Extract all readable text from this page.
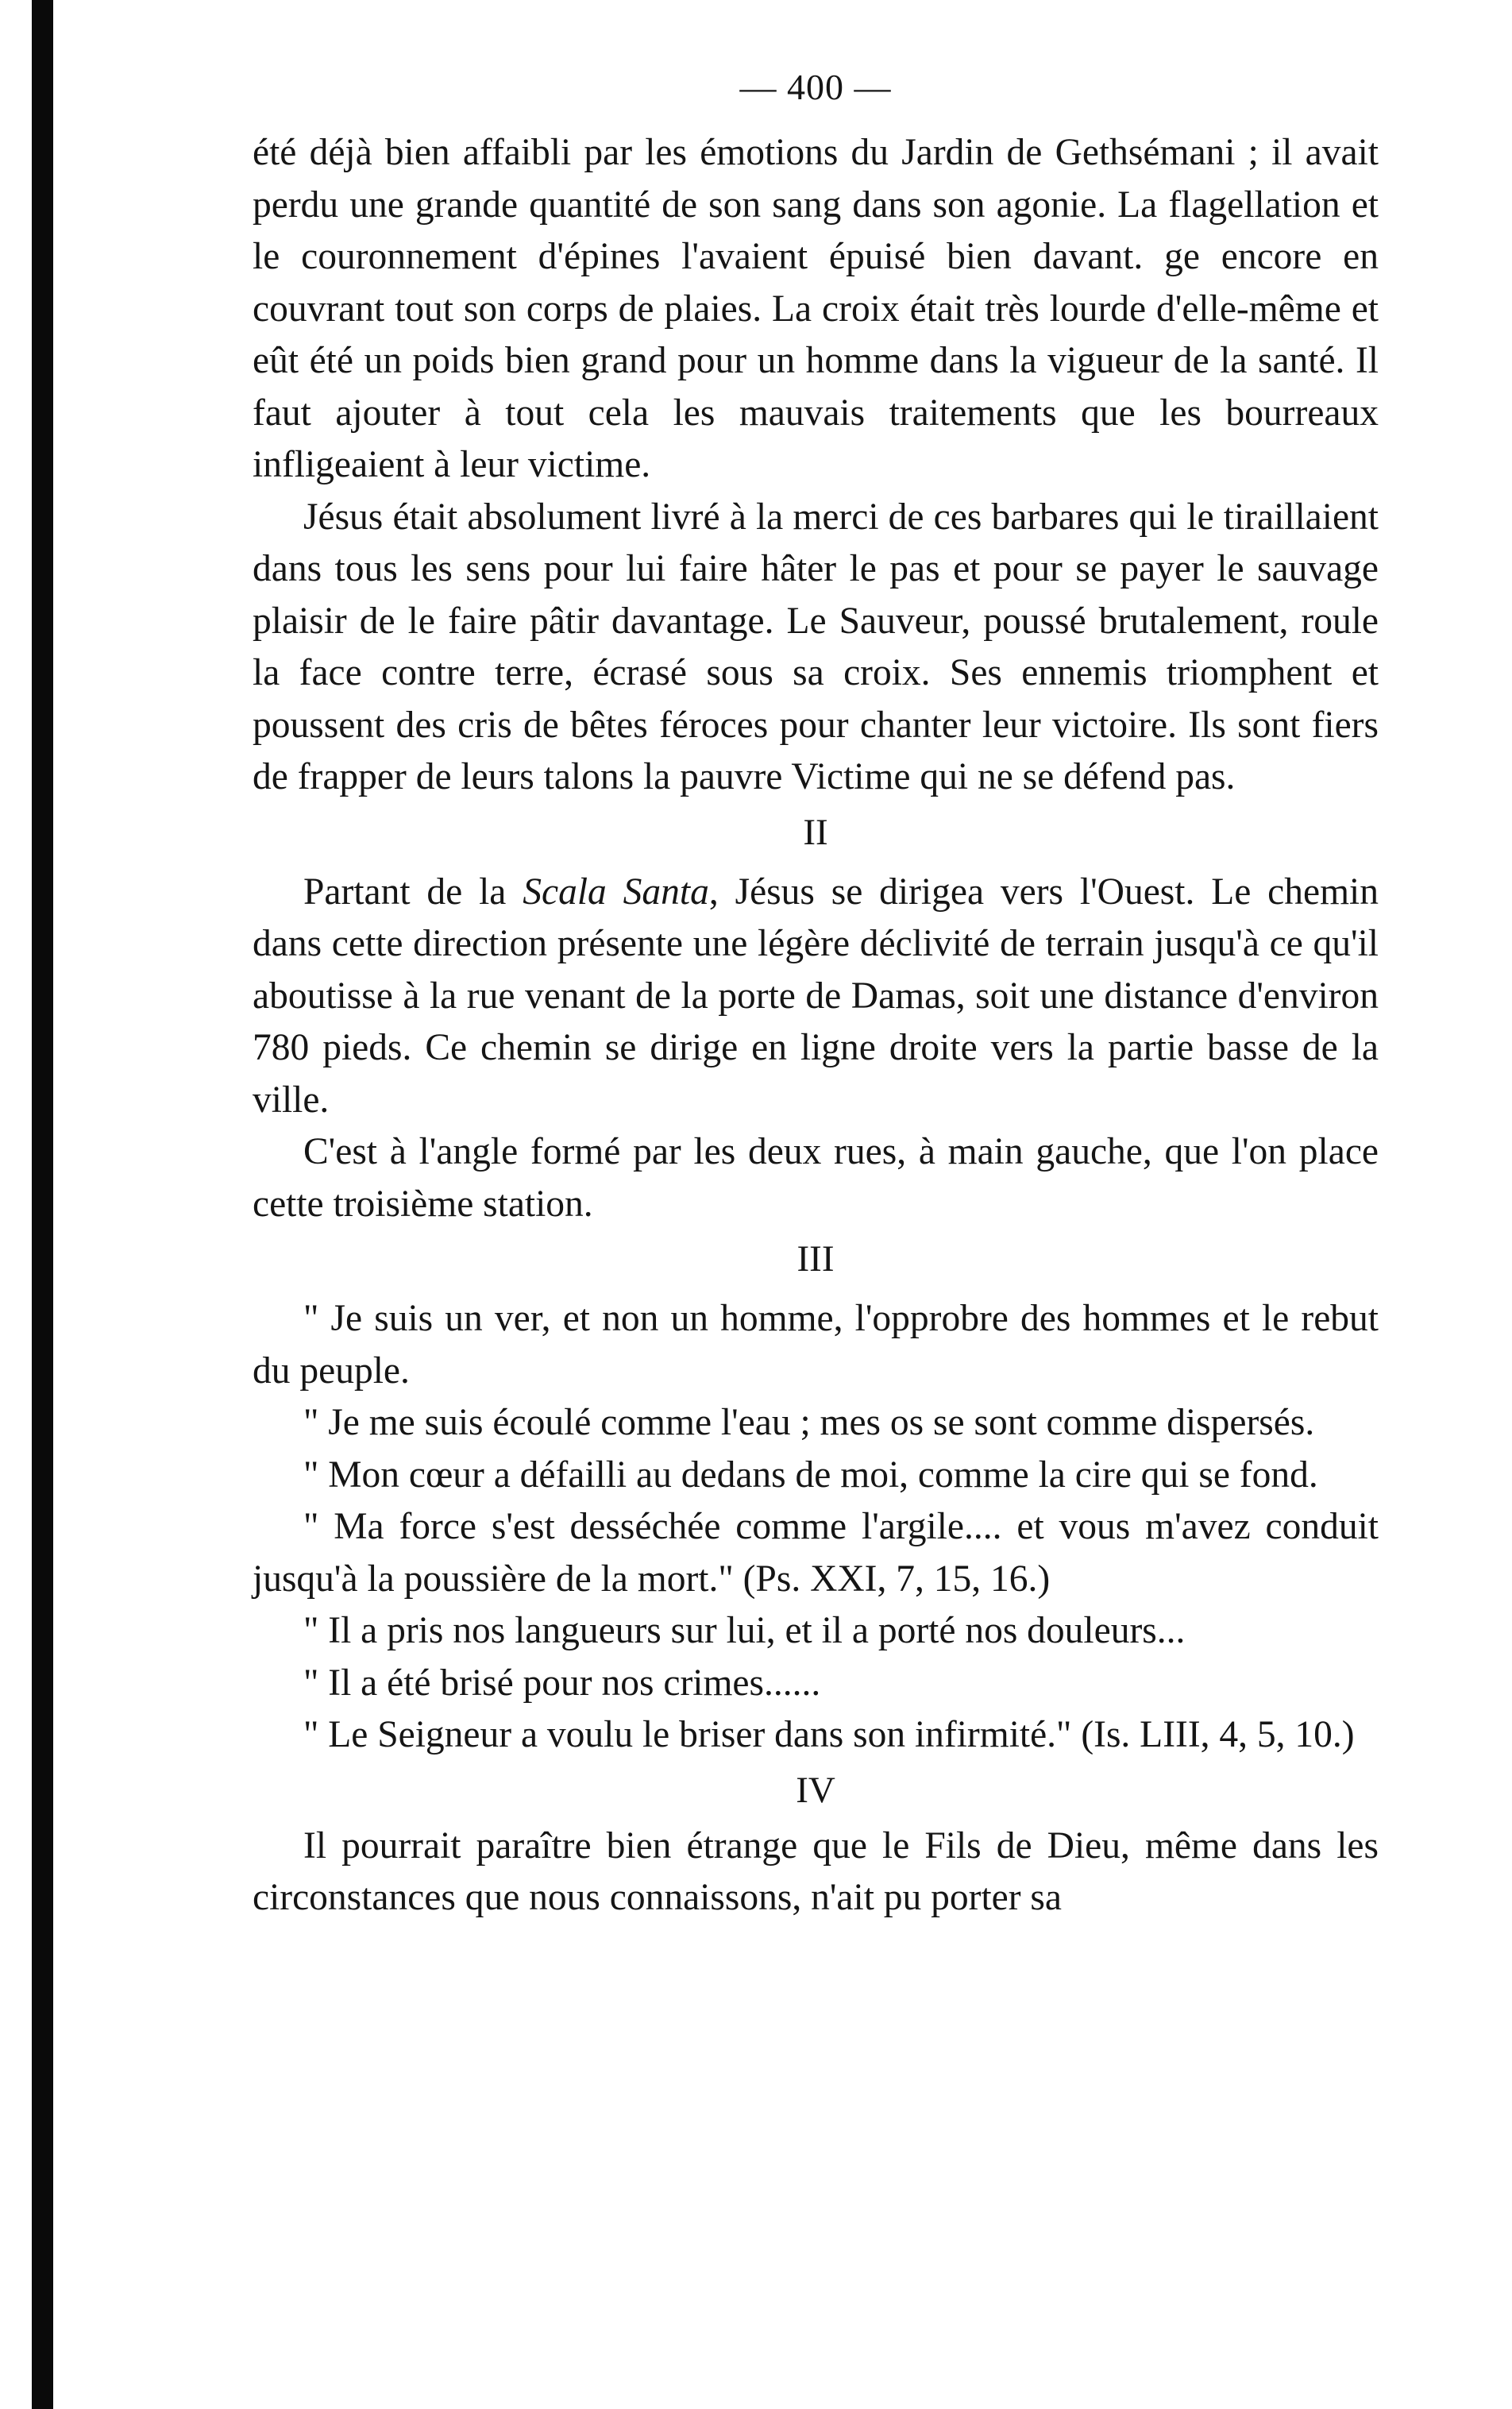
— 400 —

été déjà bien affaibli par les émotions du Jardin de Gethsémani ; il avait perdu une grande quantité de son sang dans son agonie. La flagellation et le couronnement d'épines l'avaient épuisé bien davant. ge encore en couvrant tout son corps de plaies. La croix était très lourde d'elle-même et eût été un poids bien grand pour un homme dans la vigueur de la santé. Il faut ajouter à tout cela les mauvais traitements que les bourreaux infligeaient à leur victime.

Jésus était absolument livré à la merci de ces barbares qui le tiraillaient dans tous les sens pour lui faire hâter le pas et pour se payer le sauvage plaisir de le faire pâtir davantage. Le Sauveur, poussé brutalement, roule la face contre terre, écrasé sous sa croix. Ses ennemis triomphent et poussent des cris de bêtes féroces pour chanter leur victoire. Ils sont fiers de frapper de leurs talons la pauvre Victime qui ne se défend pas.

II

Partant de la Scala Santa, Jésus se dirigea vers l'Ouest. Le chemin dans cette direction présente une légère déclivité de terrain jusqu'à ce qu'il aboutisse à la rue venant de la porte de Damas, soit une distance d'environ 780 pieds. Ce chemin se dirige en ligne droite vers la partie basse de la ville.

C'est à l'angle formé par les deux rues, à main gauche, que l'on place cette troisième station.

III

" Je suis un ver, et non un homme, l'opprobre des hommes et le rebut du peuple.

" Je me suis écoulé comme l'eau ; mes os se sont comme dispersés.

" Mon cœur a défailli au dedans de moi, comme la cire qui se fond.

" Ma force s'est desséchée comme l'argile.... et vous m'avez conduit jusqu'à la poussière de la mort." (Ps. XXI, 7, 15, 16.)

" Il a pris nos langueurs sur lui, et il a porté nos douleurs...

" Il a été brisé pour nos crimes......

" Le Seigneur a voulu le briser dans son infirmité." (Is. LIII, 4, 5, 10.)

IV

Il pourrait paraître bien étrange que le Fils de Dieu, même dans les circonstances que nous connaissons, n'ait pu porter sa
